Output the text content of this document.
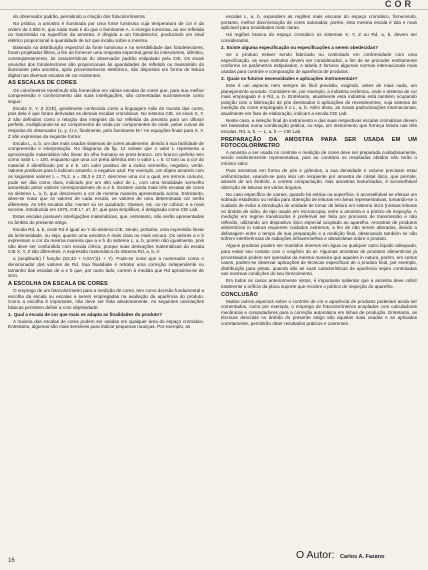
COR

do observador padrão, permitindo a criação dos fotocolorímetros.

Na prática, a amostra é iluminada por uma fonte luminosa cuja temperatura de cor é da ordem de 2.850 K, que nada mais é do que o iluminante A. A energia luminosa, ao ser refletida ou transmitida na superfície da amostra, é dirigida a um fotodetector, produzindo um sinal elétrico proporcional à quantidade de luz que incidiu sobre a mesma.

Baseado na distribuição espectral da fonte luminosa e na sensibilidade das fotodetectores, foram projetados filtros, a fim de fornecer uma resposta espectral geral do instrumento, idêntico, conseqüentemente, às características do observador padrão estipulado pela CIE. Os sinais oriundos dos fotodetectores são proporcionais às quantidades de refletido ou transmitido do iluminante pela amostra, após processamento eletrônico, são dispostos em forma de leitura digital nas diversas escalas de cor existentes.

AS ESCALAS DE CORES

Os colorímetros triestímulo são fornecidos em várias escalas de cores que, para sua melhor compreensão e conhecimento das suas interligações, são comentadas sucintamente como segue:

Escala X, Y, Z (CIE), geralmente conhecida como a linguagem mãe do mundo das cores, pois dela é que foram derivadas as demais escalas cromáticas. No sistema CIE, os eixos X, Y, Z são definidos como a relação das integrais da luz refletida da amostra para um difusor perfeito, multiplicando-se ao comprimento de onda por componentes de onde, pelas curvas de resposta do observador (x, y, z) e, finalmente, pelo iluminante M.* As equações finais para X, Y, Z são expressas da seguinte forma:

Escala L, a, b, um dos mais usados sistemas de cores atualmente, devido à sua facilidade de compreensão e interpretação. No diagrama da fig. 12 notase que o valor L representa a aproximação matemática não linear do olho humano se preto-branco. Um branco perfeito tem como valor L = 100, enquanto que uma cor preta idêntica tem o valor L = 0. O tom ou a cor do material é identificado por a e b. Um valor positivo de a indica vermelho, negativo, verde. Valores positivos para b indicam amarelo, e negativo azul. Por exemplo, um objeto amarelo com os seguintes valores L = 75,2, a = 38,3 e 23,7, descreve uma cor a qual, em termos comuns, pode ser dita como clara, indicado por um alto valor de L, com uma tonalidade vermelho amarelado pelos valores correspondentes de a e b. Existem ainda mais três escalas de cores no sistema L, a, b, que descrevem a cor de mesma maneira apresentada acima. Entretanto, deve-se notar que os valores de cada escala, os valores de uma determinada cor serão diferentes. As três escalas são: Hunter ou rsr quadrado; Glasser, etc. ou rsr cúbica; e a mais recente, introduzida em 1976, CIE L*, a*, b*, que para simplificar, é designada como CIE Lab.

Estas escalas possuem interligações matemáticas, que, entretanto, não serão apresentadas no âmbito do presente artigo.

Escala Rd, a, b, onde Rd é igual ao Y do sistema CIE, sendo, portanto, uma expressão linear da luminosidade, ou seja, quanto uma amostra é mais clara ou mais escura. Os valores a e b expressam a cor da mesma maneira que a e b do sistema L, a, b, porém não igualmente, pois não deve ser confundido com escala cítrica, porque suas derivações matemáticas da escala CIE X, Y, Z são diferentes. A expressão matemática do sistema Rd, a, b, é:

a (amplitude) f função (53,33 + 0,51Y)(1 + Y). Pode-se notar que a numerador como o denominador dos valores de Rd. Sua finalidade é retratar uma correção independente no tamanho das escalas de a e b que, por outro lado, correm à medida que Rd aproxima-se de zero.

A ESCOLHA DA ESCALA DE CORES

O emprego de um fotocolorímetro para a medição de cores, tem como decisão fundamental a escolha da escala ou escalas a serem empregadas na avaliação da aparência do produto. Como a escolha é importante, não deve ser feita aleatoriamente. As seguintes orientações básicas permitem definir a com objetividade:

1. Qual a escala de cor que mais se adapta as finalidades do produto?

A maioria das escalas de cores podem ser usadas em qualquer área do espaço cromático. Entretanto, algumas são mais sensíveis para indicar pequenas nuanças. Por exemplo, as

escalas L, a, b, expandem as regiões mais escuras do espaço cromático, fornecendo, portanto, melhor discriminação de cores saturadas; porém, esta mesma escala é tida e mais aplicável para tonalidades mais claras.

Há regiões branca do espaço cromático os sistemas X, Y, Z ou Rd, a, b, devem ser considerados.

2. Existe alguma especificação ou especificações a serem obedecidas?

Se o produto estiver sendo fabricado ou controlado em conformidade com uma especificação, as seus métodos devem ser considerados, a fim de se proceder estritamente conforme os parâmetros estipulados. A tabela 3 fornece algumas normas internacionais mais usadas para controle e comparação de aparência de produtos.

3. Quais os futuros necessidades e aplicações instrumentais?

Este é um aspecto nem sempre de fácil previsão, exigindo, antes de mais nada, um planejamento acurado. Considere-se, por exemplo, a indústria cerâmica, onde o sistema de cor mais empregado é o Rd, a, b. Entretanto, atualmente esta indústria está também ocupando posição com a fabricação de pós destinados à aplicações de revestimentos, cuja sistema de medição da cores empregado é o L, a, b. Além disso, as novas padronizações internacionais, atualmente em fase de elaboração, indicam a escala CIE Lab.

Neste caso, a seleção final do instrumento e das suas respectivas escalas cromáticas devem ser baseadas numa combinação prática, ou seja, um instrumento que forneça leitura nas três escalas, Rd, a, b, — L, a, b — CIE Lab.

PREPARAÇÃO DA AMOSTRA PARA SER USADA EM UM FOTOCOLORÍMETRO

A amostra a ser usada no controle e medição de cores deve ser preparada cuidadosamente, sendo evidentemente representativa, pois ao contrário os resultados obtidos não terão o mínimo valor.

Para amostras em forma de pós e grânulos, a sua densidade e volume precisam estar uniformizados, usando-se para isso um recipiente por amostra de cristal ótico, que permite, através de um êmbolo, a correta compactação. Nas amostras texturizadas, é aconselhável obtenção de leituras em vários ângulos.

No caso específico de cames, quando há estrias na superfície, é aconselhável se efetuar um sobrado estatístico ou média para obtenção de leituras em áreas representativas, tomando-se o cuidado de evitar a introdução de unidade de tomar de leitura em sistema ótico (nossas leituras no âmbito de vidro, de tipo usado em microscopia, entre a amostra e o pórtico de inspeção. A medição em regime translúcidos é preferível ser feita por processo de transmissão e não reflexão, utilizando um dispositivo ótico especial acoplado ao aparelho. Amostras de produtos alimentícios in natura requerem cuidados extremos, a fim de não serem alterados, devido a defasagem entre o tempo de sua preparação e a medição final, observando também se não sofrem interferências de radiações infravermelhas e ultravioletas sobre o produto.

Alguns produtos podem ser mantidos imersos em água ou qualquer outro líquido adequado, para evitar seu contato com o oxigênio do ar. Algumas amostras de produtos alimentícios já processados podem ser operadas da mesma maneira que aqueles in natura, porém, em certos casos, podem-se observar aplicações de técnicas específicas de o produto final, por exemplo, distribuição para pistas, quando são as suas características de aparência sejam controladas nas mesmas condições do seu fornecimento.

Em todos os casos anteriormente vistos, é importante salientar que a amostra deve cobrir totalmente o orifício da placa suporte que recobre o pórtico de inspeção do aparelho.

CONCLUSÃO

Muitos outros aspectos sobre o controle de cor e aparência de produtos poderiam ainda ser comentados, como por exemplo, o emprego de fotocolorímetros acoplados com calculadoras mecânicas e computadores para a correção automática em linhas de produção. Entretanto, as técnicas descritas no âmbito do presente artigo são aquelas mais usadas e se aplicadas corretamente, permitirão obter resultados práticos e coerentes.

O Autor: Carlos A. Fazano
16
